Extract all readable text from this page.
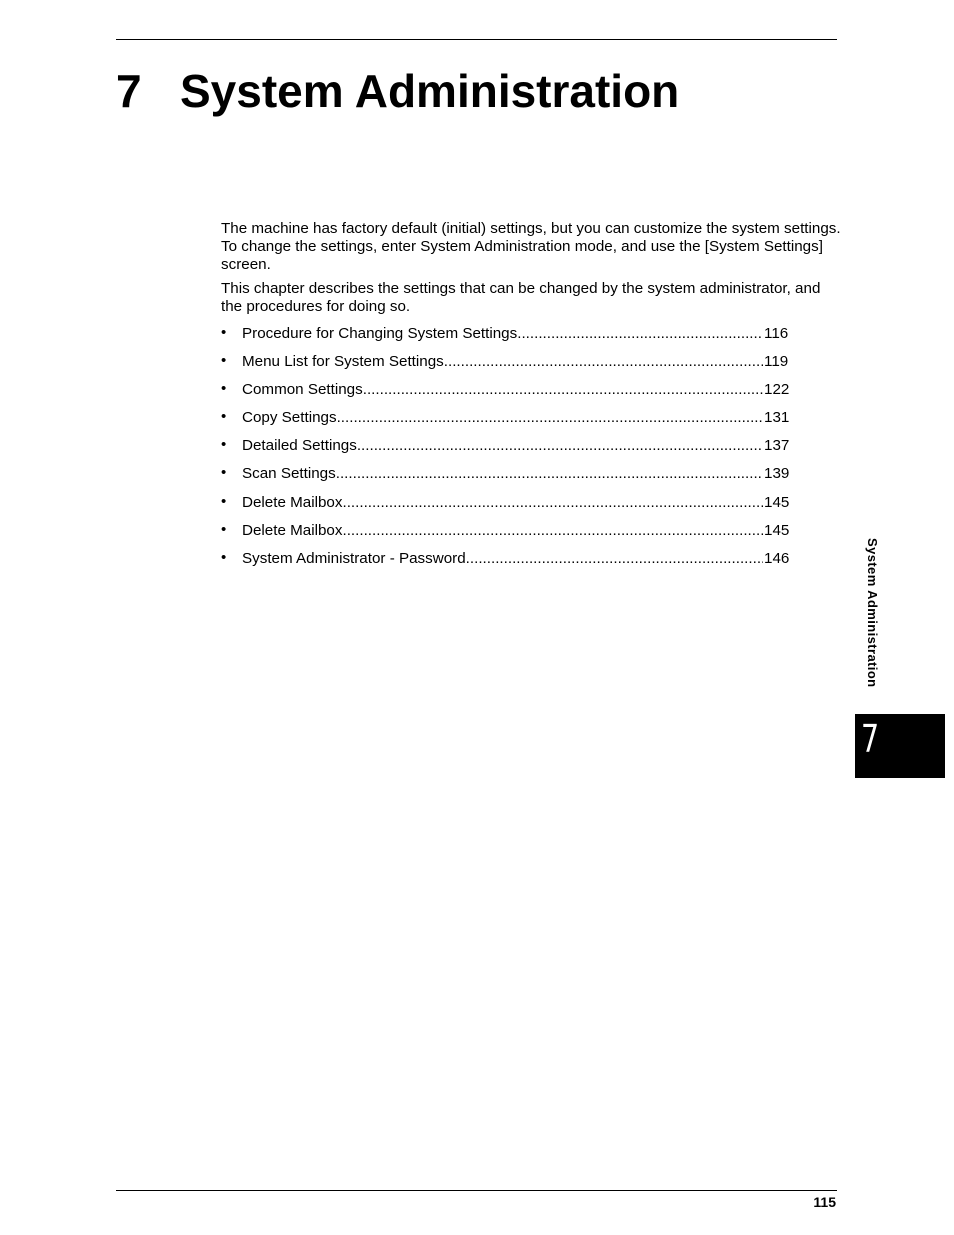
7 System Administration

The machine has factory default (initial) settings, but you can customize the system settings. To change the settings, enter System Administration mode, and use the [System Settings] screen.

This chapter describes the settings that can be changed by the system administrator, and the procedures for doing so.

• Procedure for Changing System Settings .....	116
• Menu List for System Settings .....	119
• Common Settings .....	122
• Copy Settings .....	131
• Detailed Settings .....	137
• Scan Settings .....	139
• Delete Mailbox .....	145
• Delete Mailbox .....	145
• System Administrator - Password .....	146	System Administration
7
115
